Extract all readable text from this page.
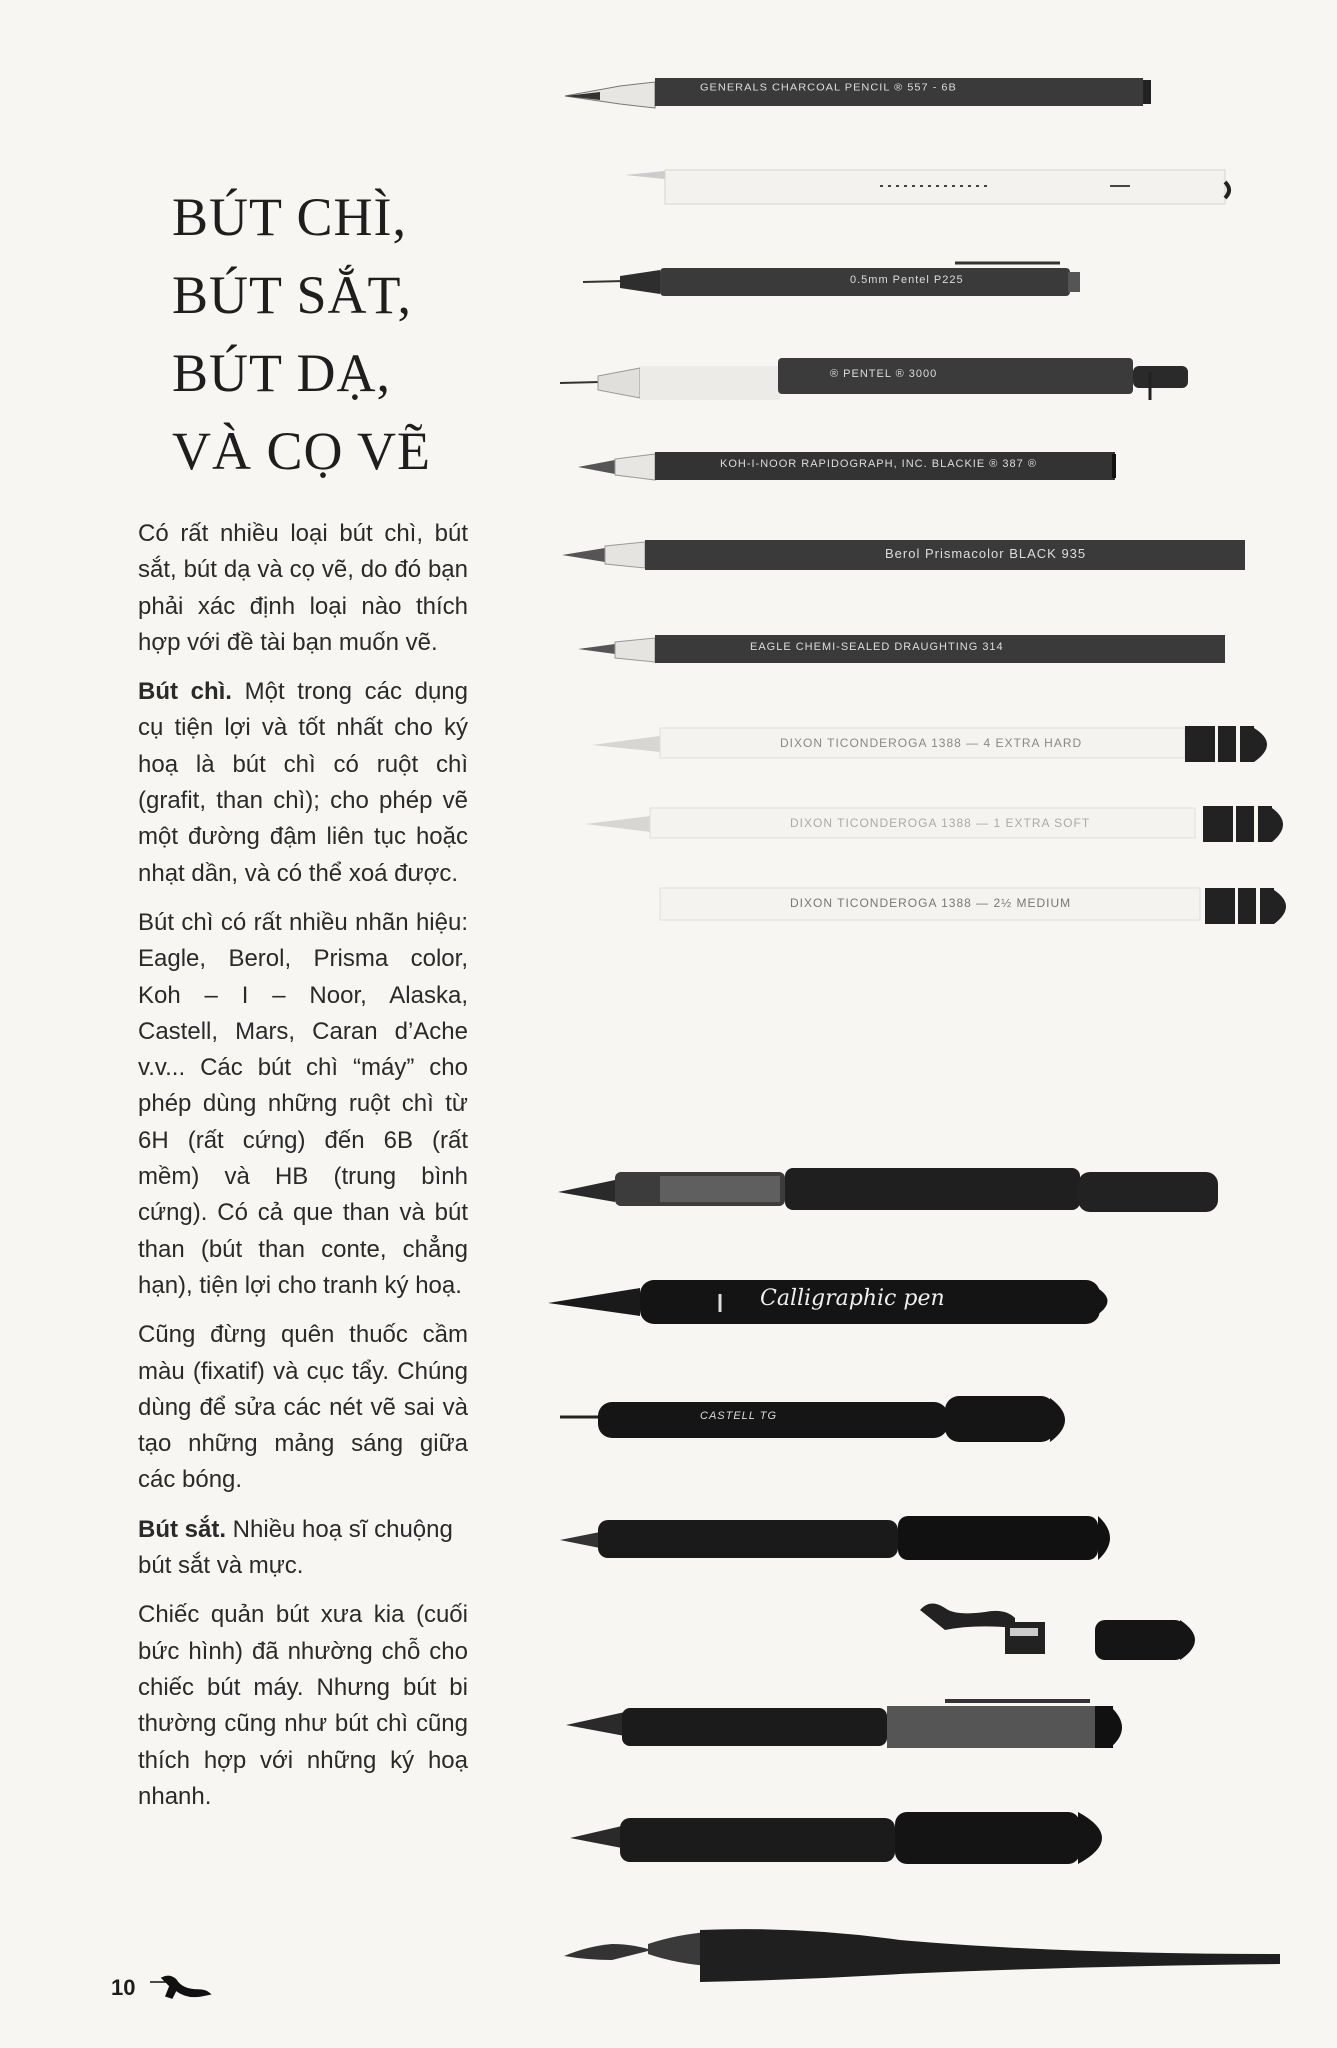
BÚT CHÌ,
BÚT SẮT,
BÚT DẠ,
VÀ CỌ VẼ

Có rất nhiều loại bút chì, bút sắt, bút dạ và cọ vẽ, do đó bạn phải xác định loại nào thích hợp với đề tài bạn muốn vẽ.

Bút chì. Một trong các dụng cụ tiện lợi và tốt nhất cho ký hoạ là bút chì có ruột chì (grafit, than chì); cho phép vẽ một đường đậm liên tục hoặc nhạt dần, và có thể xoá được.

Bút chì có rất nhiều nhãn hiệu: Eagle, Berol, Prisma color, Koh – I – Noor, Alaska, Castell, Mars, Caran d’Ache v.v... Các bút chì “máy” cho phép dùng những ruột chì từ 6H (rất cứng) đến 6B (rất mềm) và HB (trung bình cứng). Có cả que than và bút than (bút than conte, chẳng hạn), tiện lợi cho tranh ký hoạ.

Cũng đừng quên thuốc cầm màu (fixatif) và cục tẩy. Chúng dùng để sửa các nét vẽ sai và tạo những mảng sáng giữa các bóng.

Bút sắt. Nhiều hoạ sĩ chuộng bút sắt và mực.

Chiếc quản bút xưa kia (cuối bức hình) đã nhường chỗ cho chiếc bút máy. Nhưng bút bi thường cũng như bút chì cũng thích hợp với những ký hoạ nhanh.

GENERALS CHARCOAL PENCIL ® 557 - 6B
0.5mm Pentel P225
® PENTEL ® 3000
KOH-I-NOOR RAPIDOGRAPH, INC. BLACKIE ® 387 ®
Berol Prismacolor BLACK 935
EAGLE CHEMI-SEALED DRAUGHTING 314
DIXON TICONDEROGA 1388 — 4 EXTRA HARD
DIXON TICONDEROGA 1388 — 1 EXTRA SOFT
DIXON TICONDEROGA 1388 — 2½ MEDIUM
Calligraphic pen
CASTELL TG
10
